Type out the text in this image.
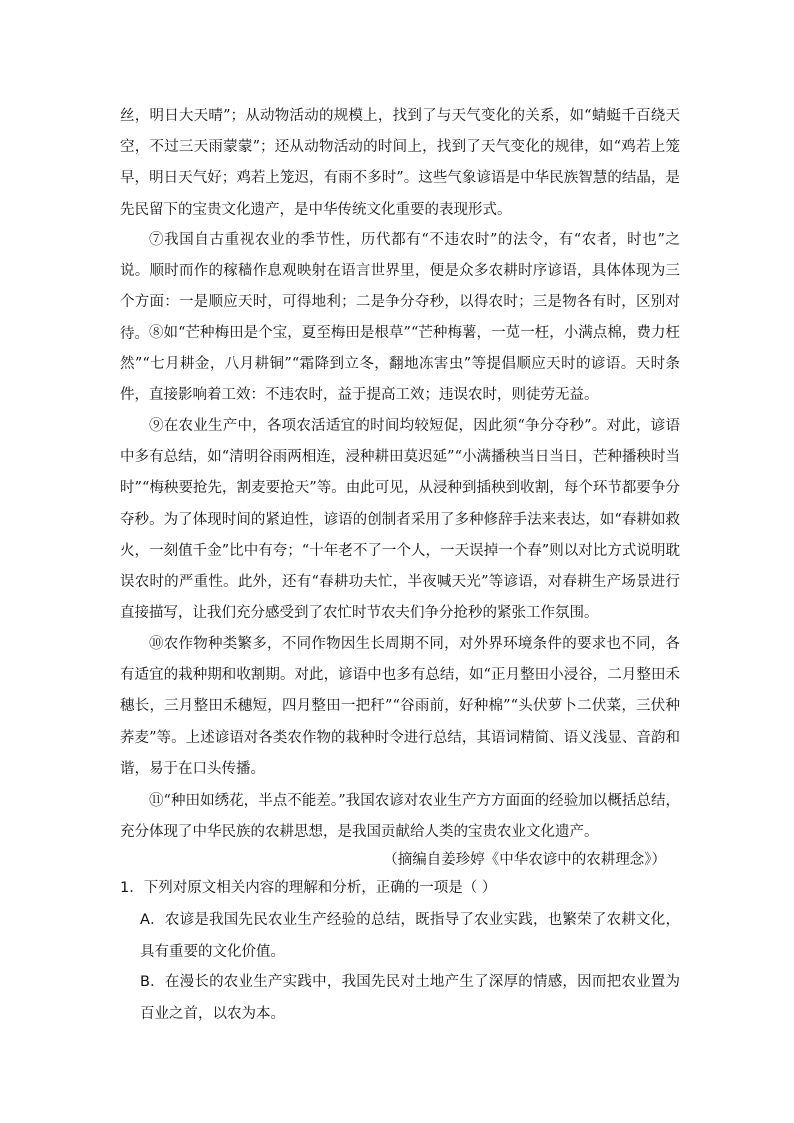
丝，明日大天晴”；从动物活动的规模上，找到了与天气变化的关系，如“蜻蜓千百绕天空，不过三天雨蒙蒙”；还从动物活动的时间上，找到了天气变化的规律，如“鸡若上笼早，明日天气好；鸡若上笼迟，有雨不多时”。这些气象谚语是中华民族智慧的结晶，是先民留下的宝贵文化遗产，是中华传统文化重要的表现形式。

⑦我国自古重视农业的季节性，历代都有“不违农时”的法令，有“农者，时也”之说。顺时而作的稼穑作息观映射在语言世界里，便是众多农耕时序谚语，具体体现为三个方面：一是顺应天时，可得地利；二是争分夺秒，以得农时；三是物各有时，区别对待。 ⑧如“芒种梅田是个宝，夏至梅田是根草”“芒种梅薯，一苋一枉，小满点棉，费力枉然”“七月耕金，八月耕铜”“霜降到立冬，翻地冻害虫”等提倡顺应天时的谚语。天时条件，直接影响着工效：不违农时，益于提高工效；违误农时，则徒劳无益。

⑨在农业生产中，各项农活适宜的时间均较短促，因此须“争分夺秒”。对此，谚语中多有总结，如“清明谷雨两相连，浸种耕田莫迟延”“小满播秧当日当日，芒种播秧时当时”“梅秧要抢先，割麦要抢天”等。由此可见，从浸种到插秧到收割，每个环节都要争分夺秒。为了体现时间的紧迫性，谚语的创制者采用了多种修辞手法来表达，如“春耕如救火，一刻值千金”比中有夸；“十年老不了一个人，一天误掉一个春”则以对比方式说明耽误农时的严重性。此外，还有“春耕功夫忙，半夜喊天光”等谚语，对春耕生产场景进行直接描写，让我们充分感受到了农忙时节农夫们争分抢秒的紧张工作氛围。

⑩农作物种类繁多，不同作物因生长周期不同，对外界环境条件的要求也不同，各有适宜的栽种期和收割期。对此，谚语中也多有总结，如“正月整田小浸谷，二月整田禾穗长，三月整田禾穗短，四月整田一把秆”“谷雨前，好种棉”“头伏萝卜二伏菜，三伏种荞麦”等。上述谚语对各类农作物的栽种时令进行总结，其语词精简、语义浅显、音韵和谐，易于在口头传播。

⑪“种田如绣花，半点不能差。”我国农谚对农业生产方方面面的经验加以概括总结，充分体现了中华民族的农耕思想，是我国贡献给人类的宝贵农业文化遗产。

（摘编自姜珍婷《中华农谚中的农耕理念》）

1．下列对原文相关内容的理解和分析，正确的一项是（ ）

A．农谚是我国先民农业生产经验的总结，既指导了农业实践，也繁荣了农耕文化，具有重要的文化价值。

B．在漫长的农业生产实践中，我国先民对土地产生了深厚的情感，因而把农业置为百业之首，以农为本。
